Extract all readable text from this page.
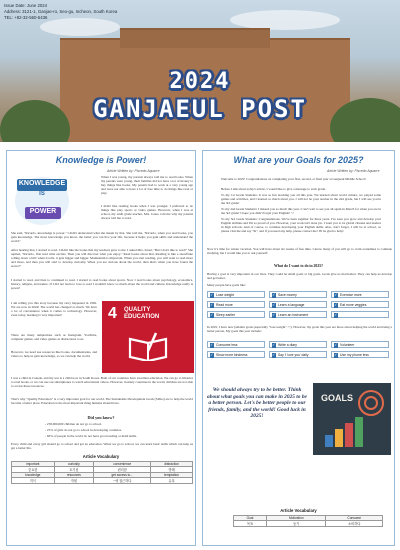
Issue Date: June 2024
Address: 3121-1, Ganjae-ro, Seo-gu, Incheon, South Korea
TEL: +82-32-560-5436
2024
GANJAEUL POST
Knowledge is Power!
Article Written by: Piscedo Aquarre
KNOWLEDGE
IS
POWER
When I was young, my parents always told me to read books. When my parents were young, their families did not have a lot of money to buy things like books. My parents had to work at a very young age and were not able to have a lot of free time to do things like read or play.
I didn't like reading books when I was younger. I preferred to do things like play sports or video games. However, when I was at school, my sixth grade teacher, Mrs. Jones, told me why my parents always told me to read.
She said, "Ricardo, knowledge is power." I didn't understand what she meant by that. She told me, "Ricardo, when you read books, you gain knowledge. The more knowledge you know, the better you can live your life, because it helps you gain skills and understand the world."
After hearing that, I started to read. I didn't like the books that my teachers gave to me. I asked Mrs. Israel, "But I don't like to read!" She replied, "Ricardo, first read what excites. Then you will discover what you enjoy." Read books about that. Reading is like a snowflake rolling down a hill: when it rolls, it gets bigger and bigger. Momentum is important. When you start reading, you will want to read more and more, and then you will start to develop curiosity. When you are curious about the world, then that's when you have found the secret!"
I started to read, and then to continued to read. I started to read books about sports. Now I read books about psychology, economics, history, religion, and nature. If I did not learn to love to read I wouldn't know so much about the world and culture. Knowledge really is power!
I am telling you this story because my story happened in 1992. We are now in 2024! The world has changed so much. We have a lot of convenience when it comes to technology. However, even today, learning is very important!
There are many temptations such as Instagram, YouTube, computer games, and video games as distractions to us.
However, we need use resources like books, documentaries, and videos to help us gain knowledge, so we can help the world.
4 QUALITY
EDUCATION
I was a child in Canada, and my son is a child now in South Korea. Both of our countries have excellent education. We can go to libraries to read books, or we can use our smartphones to watch educational videos. However, in many countries in the world, children are not able to access these resources.
That's why "Quality Education" is a very important goal for our world. The Sustainable Development Goals (SDGs) are to help the world become a better place. Education is the most important thing humans should have.
Did you know?
- 258,000,000 children do not go to school.
- 25% of girls do not go to school in developing countries.
- 60% of people in the world do not have good reading or math skills.
Every child and every girl should go to school and get an education. When we go to school, we can learn basic skills which can help us get a better life.
Article Vocabulary
important	curiosity	convenience	distraction
중요한	호기심	편리함	방해
knowledge	resources	get access to...	temptation
지식	자원	~에 접근하다	유혹
What are your Goals for 2025?
Article Written by: Piscedo Aquarre
Welcome to 2025! Congratulations on completing your first, second, or final year at Ganjaeul Middle School!
Before I talk about today's article, I would like to give a message to each grade.
To my 1st Grade Students: It was so fun teaching you all this year. We learned about world culture, we played some games and activities, and I learned so much about you. I will not be your teacher in the 2nd grade, but I will see you in the 3rd grade!
To my 2nd Grade Students: I missed you so much this year. I can't wait to see you all again in March for when you are in the 3rd grade! I hope you didn't forget your English! ^^
To my 3rd Grade Students: Congratulations. We've been together for three years. I've seen you grow and develop your English abilities and I'm so proud of you. However, your work isn't done yet. I want you to be global citizens and leaders in high schools. And of course, to continue developing your English skills. Also, don't forget, I will be at school, so please visit me and say "hi", and if you need any help, please contact me! I'll be glad to help!
Now it's time for winter vacation. You will have about six weeks of free time. I know many of you will go to cram academies to continue studying, but I would like you to ask yourself:
What do I want to do in 2025?
Having a goal is very important in our lives. They could be small goals or big goals. Goals give us motivation. They can help us develop and get better.
Many people have goals like:
✓ Lose weight	✓ Save money	✓ Exercise more
✓ Read more	✓ Learn a language	✓ Eat more veggies
✓ Sleep earlier	✓ Learn an instrument	✓
In 2025, I have new (smaller goals (especially "lose weight" ^^). However, my goals this year are more about helping the world and being a better person. My goals this year include:
✓ Consume less	✓ Write a diary	✓ Volunteer
✓ Show more kindness	✓ Say 'I love you' daily	✓ Use my phone less
We should always try to be better. Think about what goals you can make in 2025 to be a better person. Let's be better people to our friends, family, and the world! Good luck in 2025!
GOALS
Article Vocabulary
Goal	Motivation	Consume
목표	동기	소비하다
